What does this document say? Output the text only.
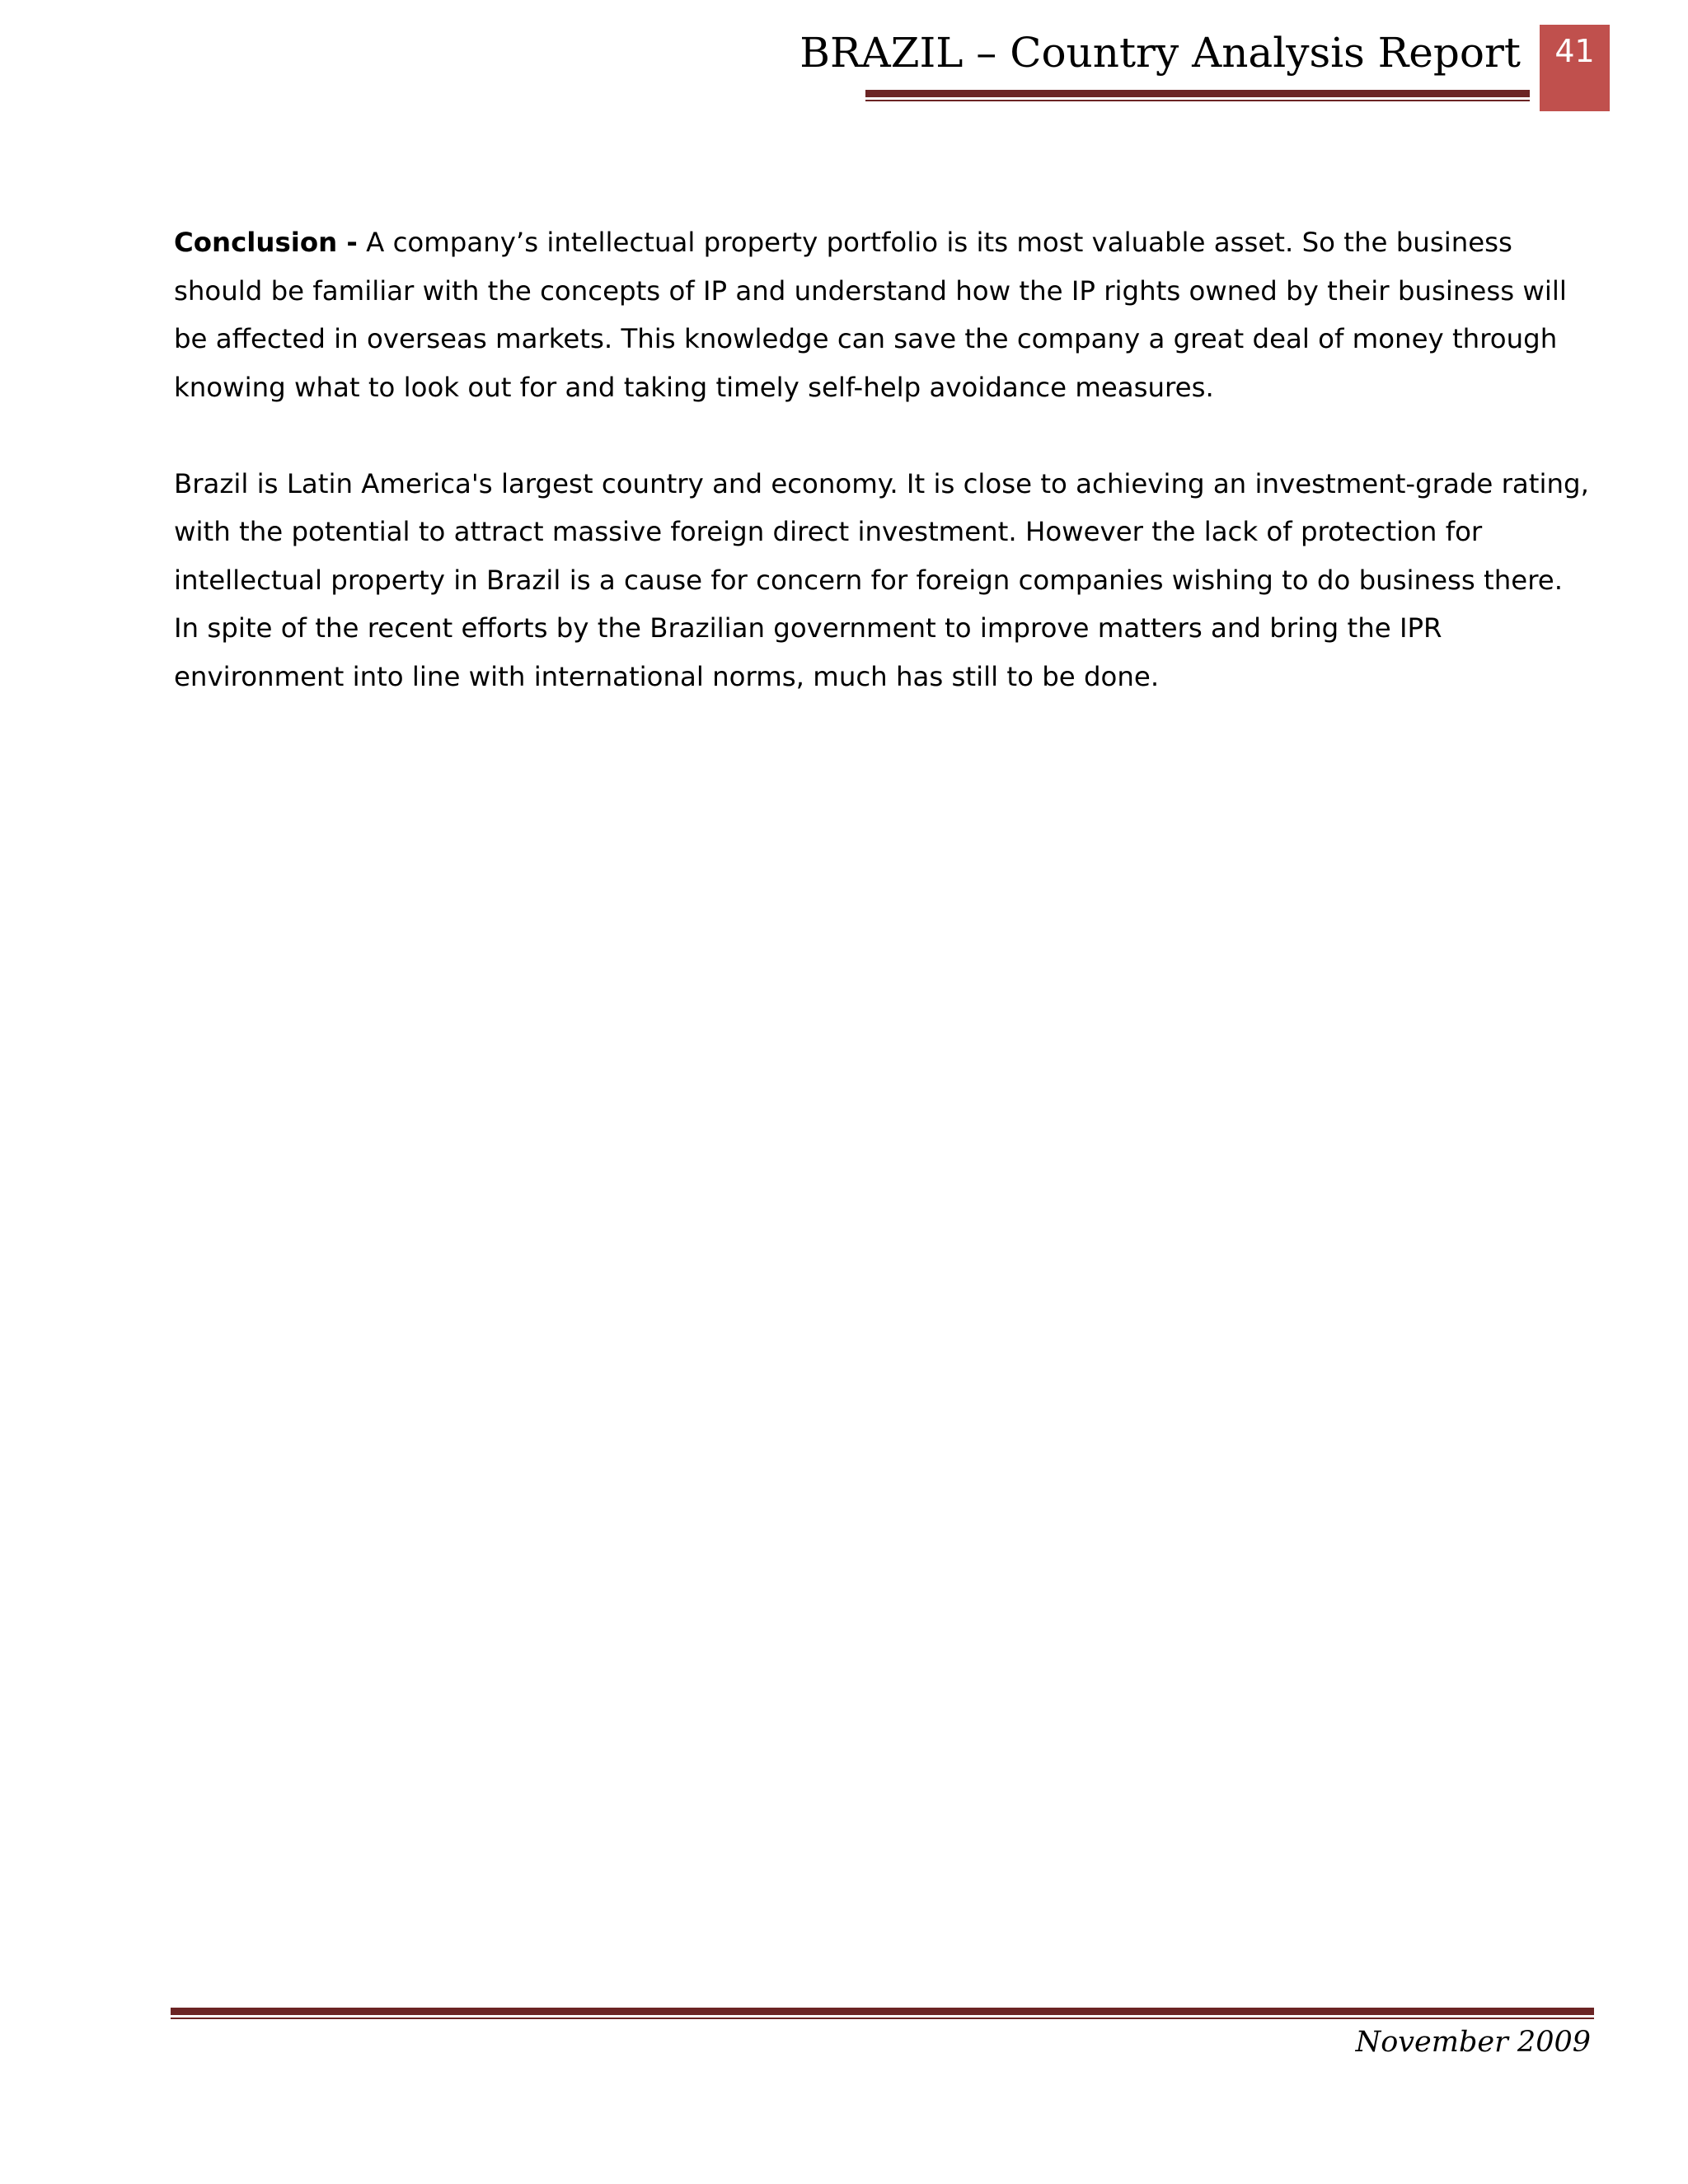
BRAZIL – Country Analysis Report	41

Conclusion - A company’s intellectual property portfolio is its most valuable asset. So the business should be familiar with the concepts of IP and understand how the IP rights owned by their business will be affected in overseas markets. This knowledge can save the company a great deal of money through knowing what to look out for and taking timely self-help avoidance measures.

Brazil is Latin America's largest country and economy. It is close to achieving an investment-grade rating, with the potential to attract massive foreign direct investment. However the lack of protection for intellectual property in Brazil is a cause for concern for foreign companies wishing to do business there. In spite of the recent efforts by the Brazilian government to improve matters and bring the IPR environment into line with international norms, much has still to be done.

November 2009
